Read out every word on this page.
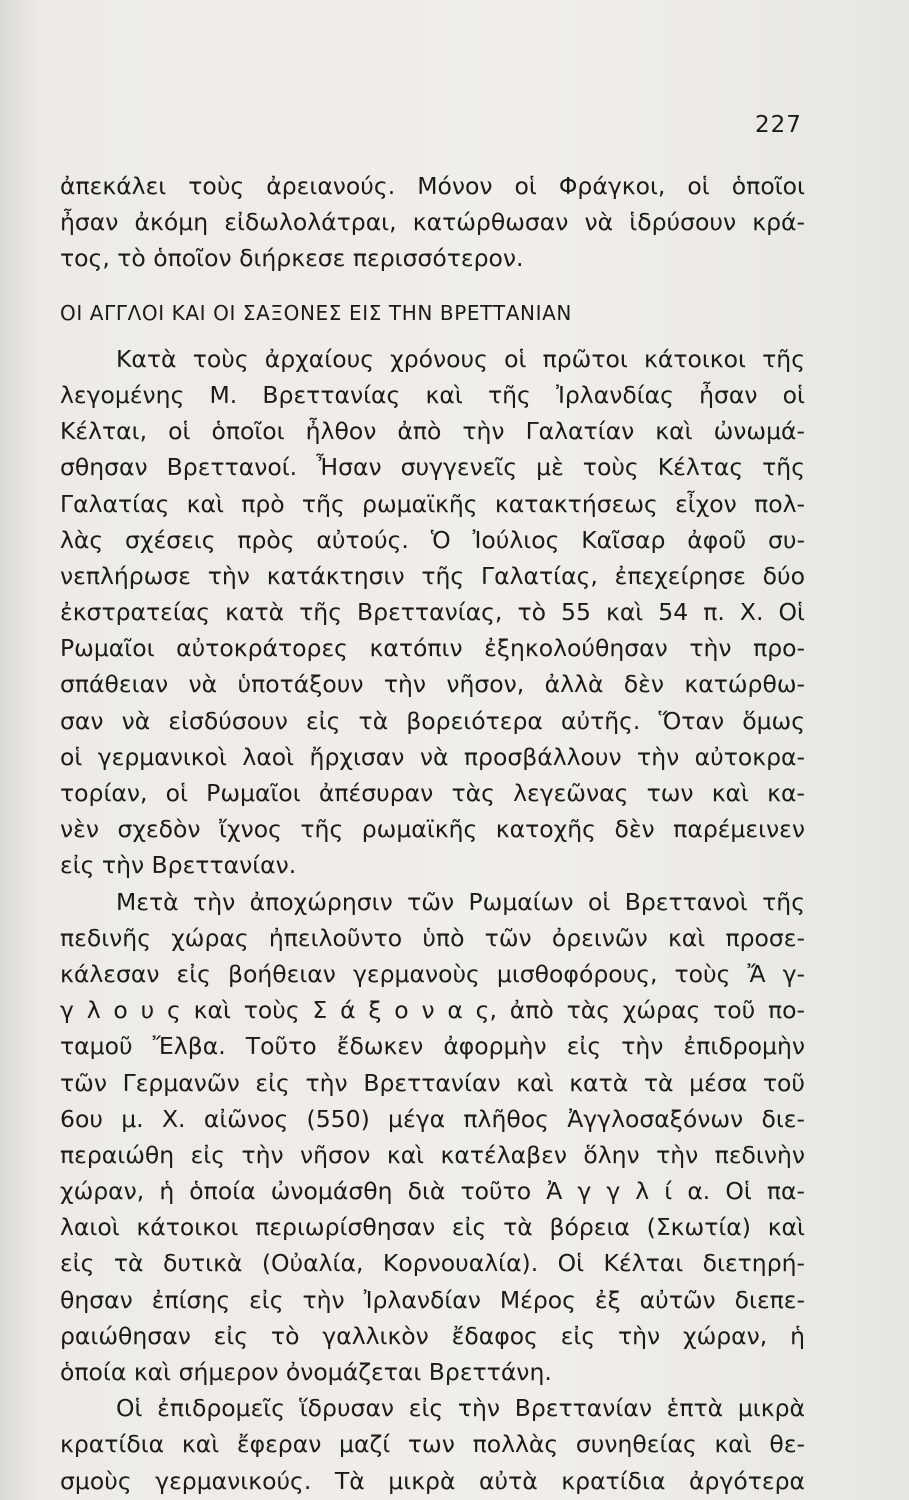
227
ἀπεκάλει τοὺς ἀρειανούς. Μόνον οἱ Φράγκοι, οἱ ὁποῖοι
ἦσαν ἀκόμη εἰδωλολάτραι, κατώρθωσαν νὰ ἱδρύσουν κρά-
τος, τὸ ὁποῖον διήρκεσε περισσότερον.
ΟΙ ΑΓΓΛΟΙ ΚΑΙ ΟΙ ΣΑΞΟΝΕΣ ΕΙΣ ΤΗΝ ΒΡΕΤΤΑΝΙΑΝ
Κατὰ τοὺς ἀρχαίους χρόνους οἱ πρῶτοι κάτοικοι τῆς
λεγομένης Μ. Βρεττανίας καὶ τῆς Ἰρλανδίας ἦσαν οἱ
Κέλται, οἱ ὁποῖοι ἦλθον ἀπὸ τὴν Γαλατίαν καὶ ὠνωμά-
σθησαν Βρεττανοί. Ἦσαν συγγενεῖς μὲ τοὺς Κέλτας τῆς
Γαλατίας καὶ πρὸ τῆς ρωμαϊκῆς κατακτήσεως εἶχον πολ-
λὰς σχέσεις πρὸς αὐτούς. Ὁ Ἰούλιος Καῖσαρ ἀφοῦ συ-
νεπλήρωσε τὴν κατάκτησιν τῆς Γαλατίας, ἐπεχείρησε δύο
ἐκστρατείας κατὰ τῆς Βρεττανίας, τὸ 55 καὶ 54 π. Χ. Οἱ
Ρωμαῖοι αὐτοκράτορες κατόπιν ἐξηκολούθησαν τὴν προ-
σπάθειαν νὰ ὑποτάξουν τὴν νῆσον, ἀλλὰ δὲν κατώρθω-
σαν νὰ εἰσδύσουν εἰς τὰ βορειότερα αὐτῆς. Ὅταν ὅμως
οἱ γερμανικοὶ λαοὶ ἤρχισαν νὰ προσβάλλουν τὴν αὐτοκρα-
τορίαν, οἱ Ρωμαῖοι ἀπέσυραν τὰς λεγεῶνας των καὶ κα-
νὲν σχεδὸν ἴχνος τῆς ρωμαϊκῆς κατοχῆς δὲν παρέμεινεν
εἰς τὴν Βρεττανίαν.
Μετὰ τὴν ἀποχώρησιν τῶν Ρωμαίων οἱ Βρεττανοὶ τῆς
πεδινῆς χώρας ἠπειλοῦντο ὑπὸ τῶν ὀρεινῶν καὶ προσε-
κάλεσαν εἰς βοήθειαν γερμανοὺς μισθοφόρους, τοὺς Ἄ γ-
γ λ ο υ ς καὶ τοὺς Σ ά ξ ο ν α ς, ἀπὸ τὰς χώρας τοῦ πο-
ταμοῦ Ἔλβα. Τοῦτο ἔδωκεν ἀφορμὴν εἰς τὴν ἐπιδρομὴν
τῶν Γερμανῶν εἰς τὴν Βρεττανίαν καὶ κατὰ τὰ μέσα τοῦ
6ου μ. Χ. αἰῶνος (550) μέγα πλῆθος Ἀγγλοσαξόνων διε-
περαιώθη εἰς τὴν νῆσον καὶ κατέλαβεν ὅλην τὴν πεδινὴν
χώραν, ἡ ὁποία ὠνομάσθη διὰ τοῦτο Ἀ γ γ λ ί α. Οἱ πα-
λαιοὶ κάτοικοι περιωρίσθησαν εἰς τὰ βόρεια (Σκωτία) καὶ
εἰς τὰ δυτικὰ (Οὐαλία, Κορνουαλία). Οἱ Κέλται διετηρή-
θησαν ἐπίσης εἰς τὴν Ἰρλανδίαν Μέρος ἐξ αὐτῶν διεπε-
ραιώθησαν εἰς τὸ γαλλικὸν ἔδαφος εἰς τὴν χώραν, ἡ
ὁποία καὶ σήμερον ὀνομάζεται Βρεττάνη.
Οἱ ἐπιδρομεῖς ἵδρυσαν εἰς τὴν Βρεττανίαν ἑπτὰ μικρὰ
κρατίδια καὶ ἔφεραν μαζί των πολλὰς συνηθείας καὶ θε-
σμοὺς γερμανικούς. Τὰ μικρὰ αὐτὰ κρατίδια ἀργότερα
